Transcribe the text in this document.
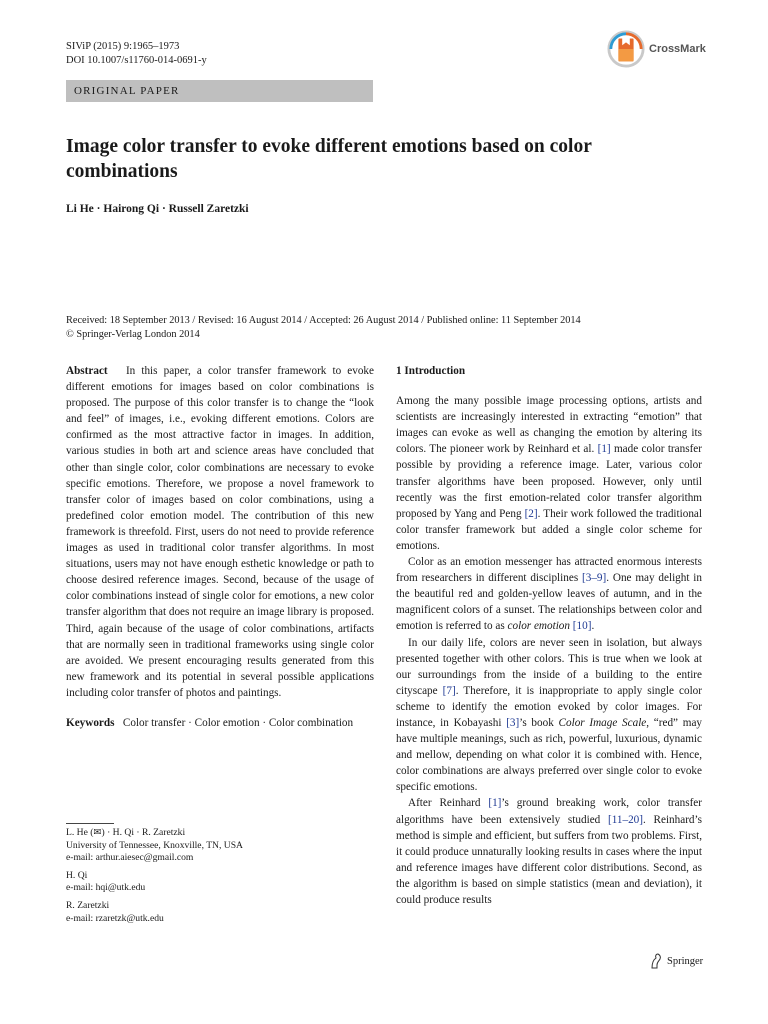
SIViP (2015) 9:1965–1973
DOI 10.1007/s11760-014-0691-y
CrossMark
ORIGINAL PAPER
Image color transfer to evoke different emotions based on color combinations
Li He · Hairong Qi · Russell Zaretzki
Received: 18 September 2013 / Revised: 16 August 2014 / Accepted: 26 August 2014 / Published online: 11 September 2014
© Springer-Verlag London 2014

Abstract In this paper, a color transfer framework to evoke different emotions for images based on color combinations is proposed. The purpose of this color transfer is to change the “look and feel” of images, i.e., evoking different emotions. Colors are confirmed as the most attractive factor in images. In addition, various studies in both art and science areas have concluded that other than single color, color combinations are necessary to evoke specific emotions. Therefore, we propose a novel framework to transfer color of images based on color combinations, using a predefined color emotion model. The contribution of this new framework is threefold. First, users do not need to provide reference images as used in traditional color transfer algorithms. In most situations, users may not have enough esthetic knowledge or path to choose desired reference images. Second, because of the usage of color combinations instead of single color for emotions, a new color transfer algorithm that does not require an image library is proposed. Third, again because of the usage of color combinations, artifacts that are normally seen in traditional frameworks using single color are avoided. We present encouraging results generated from this new framework and its potential in several possible applications including color transfer of photos and paintings.

Keywords Color transfer · Color emotion · Color combination

L. He (✉) · H. Qi · R. Zaretzki
University of Tennessee, Knoxville, TN, USA
e-mail: arthur.aiesec@gmail.com

H. Qi
e-mail: hqi@utk.edu

R. Zaretzki
e-mail: rzaretzk@utk.edu

1 Introduction

Among the many possible image processing options, artists and scientists are increasingly interested in extracting “emotion” that images can evoke as well as changing the emotion by altering its colors. The pioneer work by Reinhard et al. [1] made color transfer possible by providing a reference image. Later, various color transfer algorithms have been proposed. However, only until recently was the first emotion-related color transfer algorithm proposed by Yang and Peng [2]. Their work followed the traditional color transfer framework but added a single color scheme for emotions.

Color as an emotion messenger has attracted enormous interests from researchers in different disciplines [3–9]. One may delight in the beautiful red and golden-yellow leaves of autumn, and in the magnificent colors of a sunset. The relationships between color and emotion is referred to as color emotion [10].

In our daily life, colors are never seen in isolation, but always presented together with other colors. This is true when we look at our surroundings from the inside of a building to the entire cityscape [7]. Therefore, it is inappropriate to apply single color scheme to identify the emotion evoked by color images. For instance, in Kobayashi [3]’s book Color Image Scale, “red” may have multiple meanings, such as rich, powerful, luxurious, dynamic and mellow, depending on what color it is combined with. Hence, color combinations are always preferred over single color to evoke specific emotions.

After Reinhard [1]’s ground breaking work, color transfer algorithms have been extensively studied [11–20]. Reinhard’s method is simple and efficient, but suffers from two problems. First, it could produce unnaturally looking results in cases where the input and reference images have different color distributions. Second, as the algorithm is based on simple statistics (mean and deviation), it could produce results

Springer
